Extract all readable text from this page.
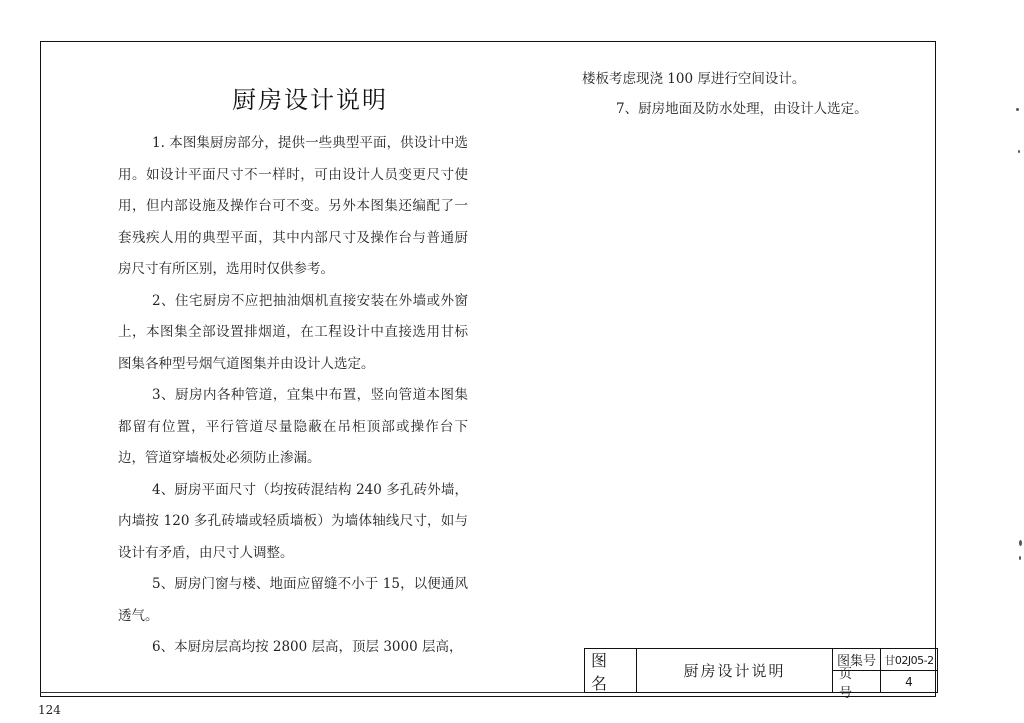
厨房设计说明

1. 本图集厨房部分，提供一些典型平面，供设计中选用。如设计平面尺寸不一样时，可由设计人员变更尺寸使用，但内部设施及操作台可不变。另外本图集还编配了一套残疾人用的典型平面，其中内部尺寸及操作台与普通厨房尺寸有所区别，选用时仅供参考。

2、住宅厨房不应把抽油烟机直接安装在外墙或外窗上，本图集全部设置排烟道，在工程设计中直接选用甘标图集各种型号烟气道图集并由设计人选定。

3、厨房内各种管道，宜集中布置，竖向管道本图集都留有位置，平行管道尽量隐蔽在吊柜顶部或操作台下边，管道穿墙板处必须防止渗漏。

4、厨房平面尺寸（均按砖混结构 240 多孔砖外墙，内墙按 120 多孔砖墙或轻质墙板）为墙体轴线尺寸，如与设计有矛盾，由尺寸人调整。

5、厨房门窗与楼、地面应留缝不小于 15，以便通风透气。

6、本厨房层高均按 2800 层高，顶层 3000 层高，

楼板考虑现浇 100 厚进行空间设计。

7、厨房地面及防水处理，由设计人选定。

图 名
厨房设计说明
图集号 甘02J05-2
页 号
4
124
